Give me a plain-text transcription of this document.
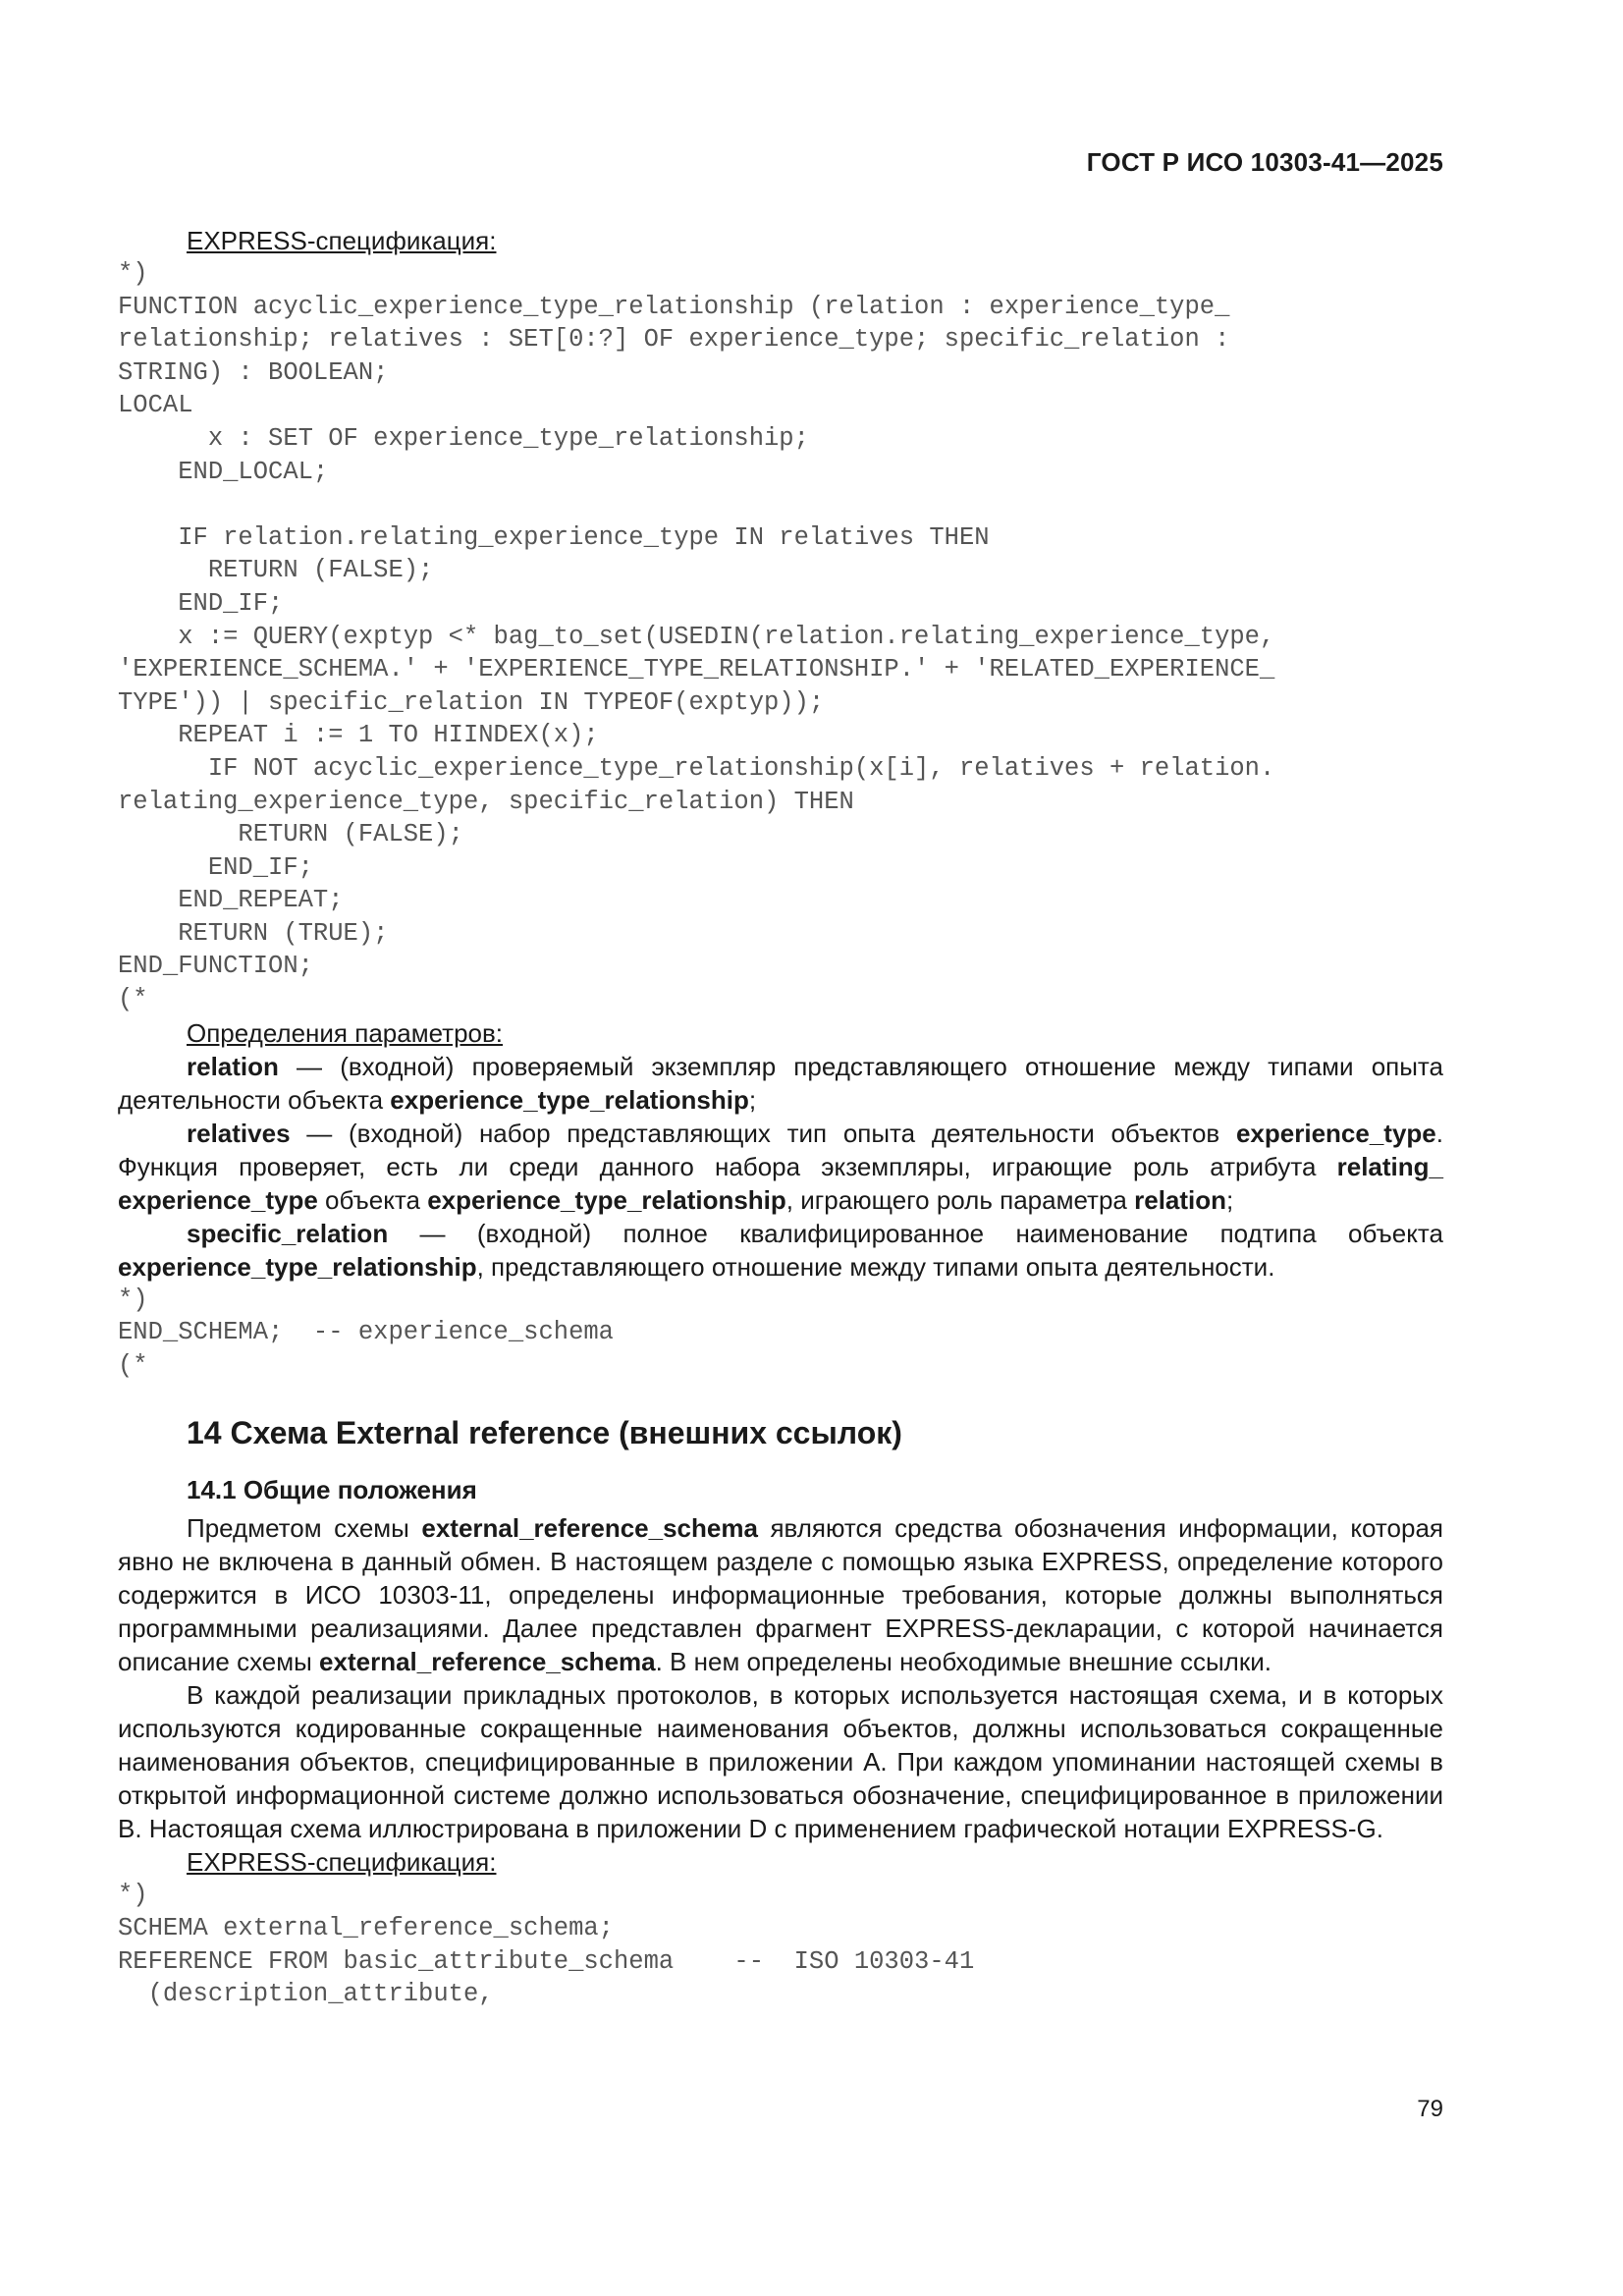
ГОСТ Р ИСО 10303-41—2025
EXPRESS-спецификация:
*)
FUNCTION acyclic_experience_type_relationship (relation : experience_type_
relationship; relatives : SET[0:?] OF experience_type; specific_relation :
STRING) : BOOLEAN;
LOCAL
x : SET OF experience_type_relationship;
END_LOCAL;

IF relation.relating_experience_type IN relatives THEN
RETURN (FALSE);
END_IF;
x := QUERY(exptyp <* bag_to_set(USEDIN(relation.relating_experience_type,
'EXPERIENCE_SCHEMA.' + 'EXPERIENCE_TYPE_RELATIONSHIP.' + 'RELATED_EXPERIENCE_
TYPE')) | specific_relation IN TYPEOF(exptyp));
REPEAT i := 1 TO HIINDEX(x);
IF NOT acyclic_experience_type_relationship(x[i], relatives + relation.
relating_experience_type, specific_relation) THEN
RETURN (FALSE);
END_IF;
END_REPEAT;
RETURN (TRUE);
END_FUNCTION;
(*
Определения параметров:

relation — (входной) проверяемый экземпляр представляющего отношение между типами опыта деятельности объекта experience_type_relationship;

relatives — (входной) набор представляющих тип опыта деятельности объектов experience_type. Функция проверяет, есть ли среди данного набора экземпляры, играющие роль атрибута relating_ experience_type объекта experience_type_relationship, играющего роль параметра relation;

specific_relation — (входной) полное квалифицированное наименование подтипа объекта experience_type_relationship, представляющего отношение между типами опыта деятельности.

*)
END_SCHEMA;  -- experience_schema
(*
14 Схема External reference (внешних ссылок)
14.1 Общие положения

Предметом схемы external_reference_schema являются средства обозначения информации, которая явно не включена в данный обмен. В настоящем разделе с помощью языка EXPRESS, определение которого содержится в ИСО 10303-11, определены информационные требования, которые должны выполняться программными реализациями. Далее представлен фрагмент EXPRESS-декларации, с которой начинается описание схемы external_reference_schema. В нем определены необходимые внешние ссылки.

В каждой реализации прикладных протоколов, в которых используется настоящая схема, и в которых используются кодированные сокращенные наименования объектов, должны использоваться сокращенные наименования объектов, специфицированные в приложении А. При каждом упоминании настоящей схемы в открытой информационной системе должно использоваться обозначение, специфицированное в приложении В. Настоящая схема иллюстрирована в приложении D с применением графической нотации EXPRESS-G.

EXPRESS-спецификация:
*)
SCHEMA external_reference_schema;
REFERENCE FROM basic_attribute_schema    --  ISO 10303-41
(description_attribute,
79
